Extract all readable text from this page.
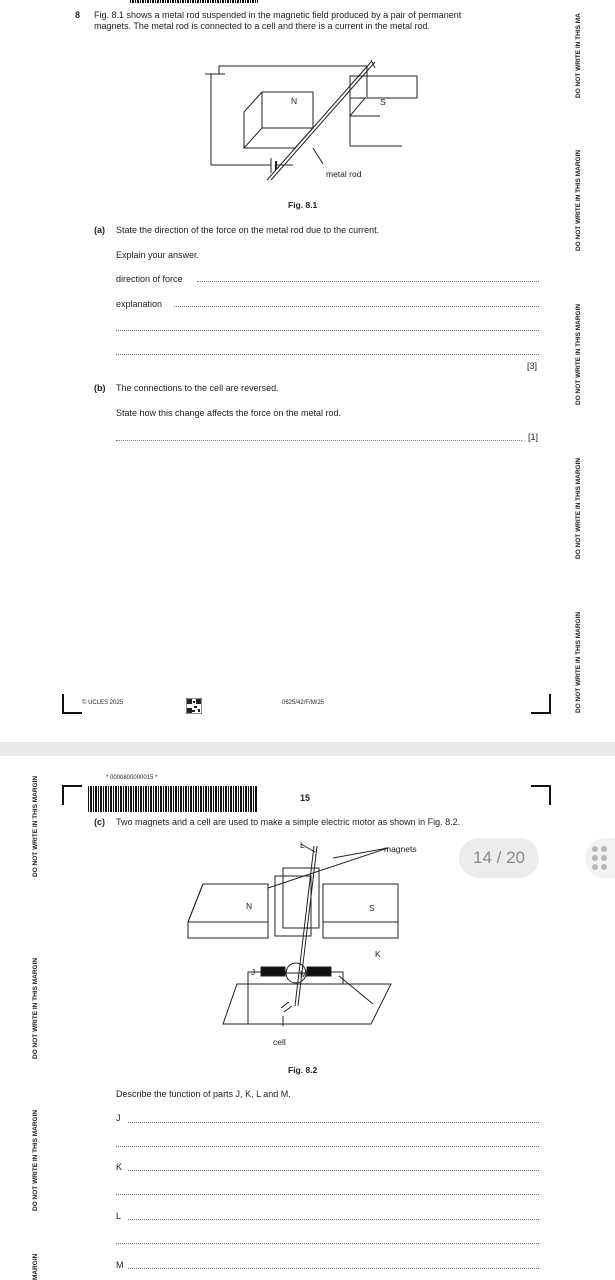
8 Fig. 8.1 shows a metal rod suspended in the magnetic field produced by a pair of permanent
magnets. The metal rod is connected to a cell and there is a current in the metal rod.
N	S
metal rod
Fig. 8.1
(a) State the direction of the force on the metal rod due to the current.
Explain your answer.
direction of force
explanation
[3]
(b) The connections to the cell are reversed.
State how this change affects the force on the metal rod.
[1]
© UCLES 2025	0625/42/F/M/25
DO NOT WRITE IN THIS MA
DO NOT WRITE IN THIS MARGIN
DO NOT WRITE IN THIS MARGIN
DO NOT WRITE IN THIS MARGIN
DO NOT WRITE IN THIS MARGIN
* 0000800000015 *
15
(c) Two magnets and a cell are used to make a simple electric motor as shown in Fig. 8.2.
L	magnets
N	S
K
J	M
cell
Fig. 8.2
Describe the function of parts J, K, L and M.
J
K
L
M
DO NOT WRITE IN THIS MARGIN
DO NOT WRITE IN THIS MARGIN
DO NOT WRITE IN THIS MARGIN
MARGIN
14 / 20
